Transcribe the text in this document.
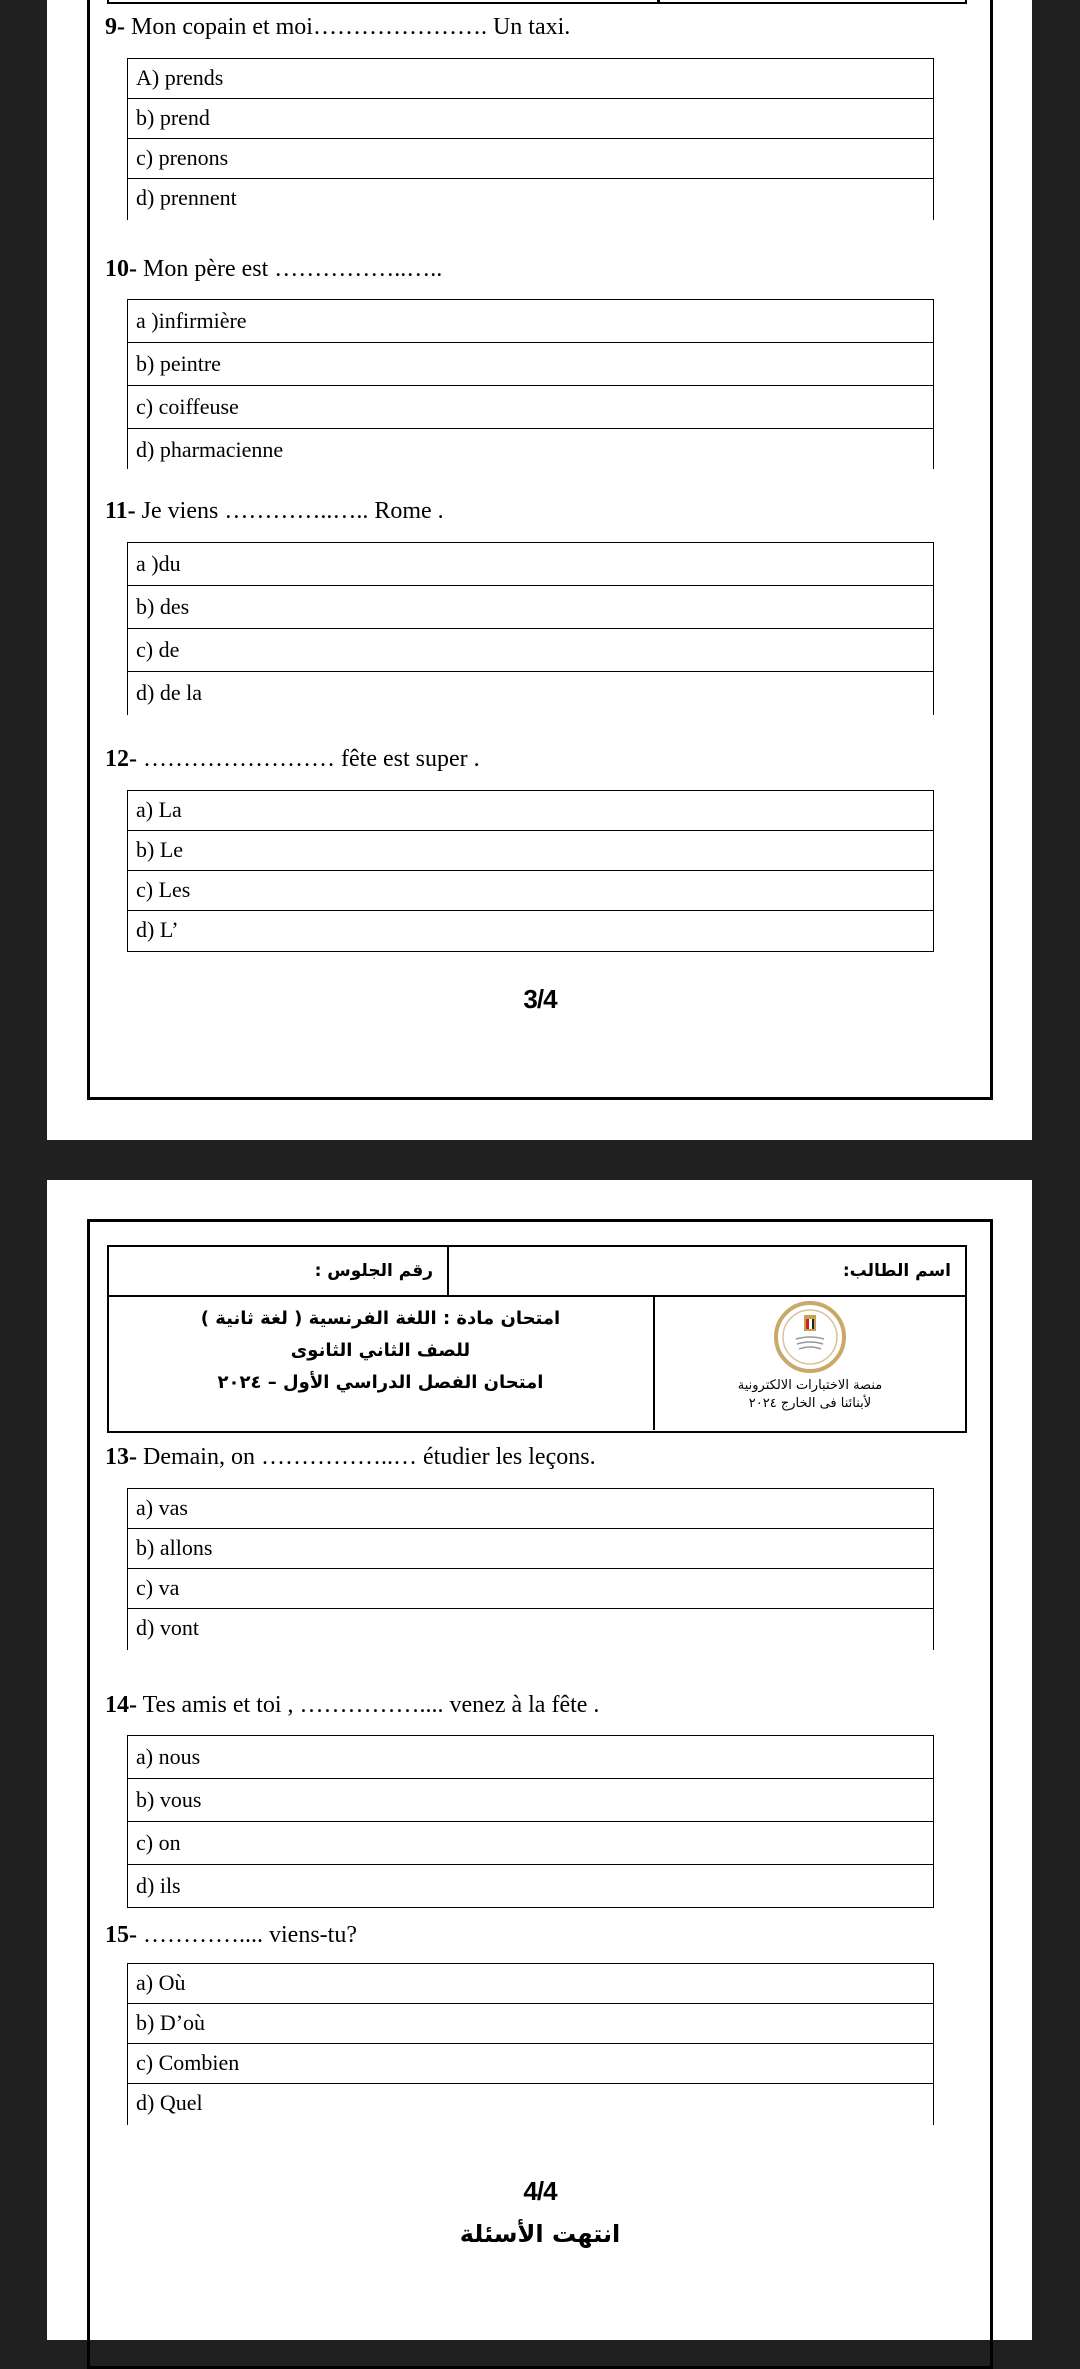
9- Mon copain et moi…………………. Un taxi.
A) prends
b) prend
c) prenons
d) prennent
10- Mon père est ……………..…..
a )infirmière
b) peintre
c) coiffeuse
d) pharmacienne
11- Je viens …………..….. Rome .
a )du
b) des
c) de
d) de la
12- …………………… fête est super .
a) La
b) Le
c) Les
d) L’
3/4
اسم الطالب:
رقم الجلوس :
منصة الاختبارات الالكترونية
لأبنائنا فى الخارج ٢٠٢٤
امتحان مادة : اللغة الفرنسية ( لغة ثانية )
للصف الثاني الثانوى
امتحان الفصل الدراسي الأول – ٢٠٢٤
13- Demain, on ……………..… étudier les leçons.
a) vas
b) allons
c) va
d) vont
14- Tes amis et toi , …………….... venez à la fête .
a) nous
b) vous
c) on
d) ils
15- ………….... viens-tu?
a) Où
b) D’où
c) Combien
d) Quel
4/4
انتهت الأسئلة
